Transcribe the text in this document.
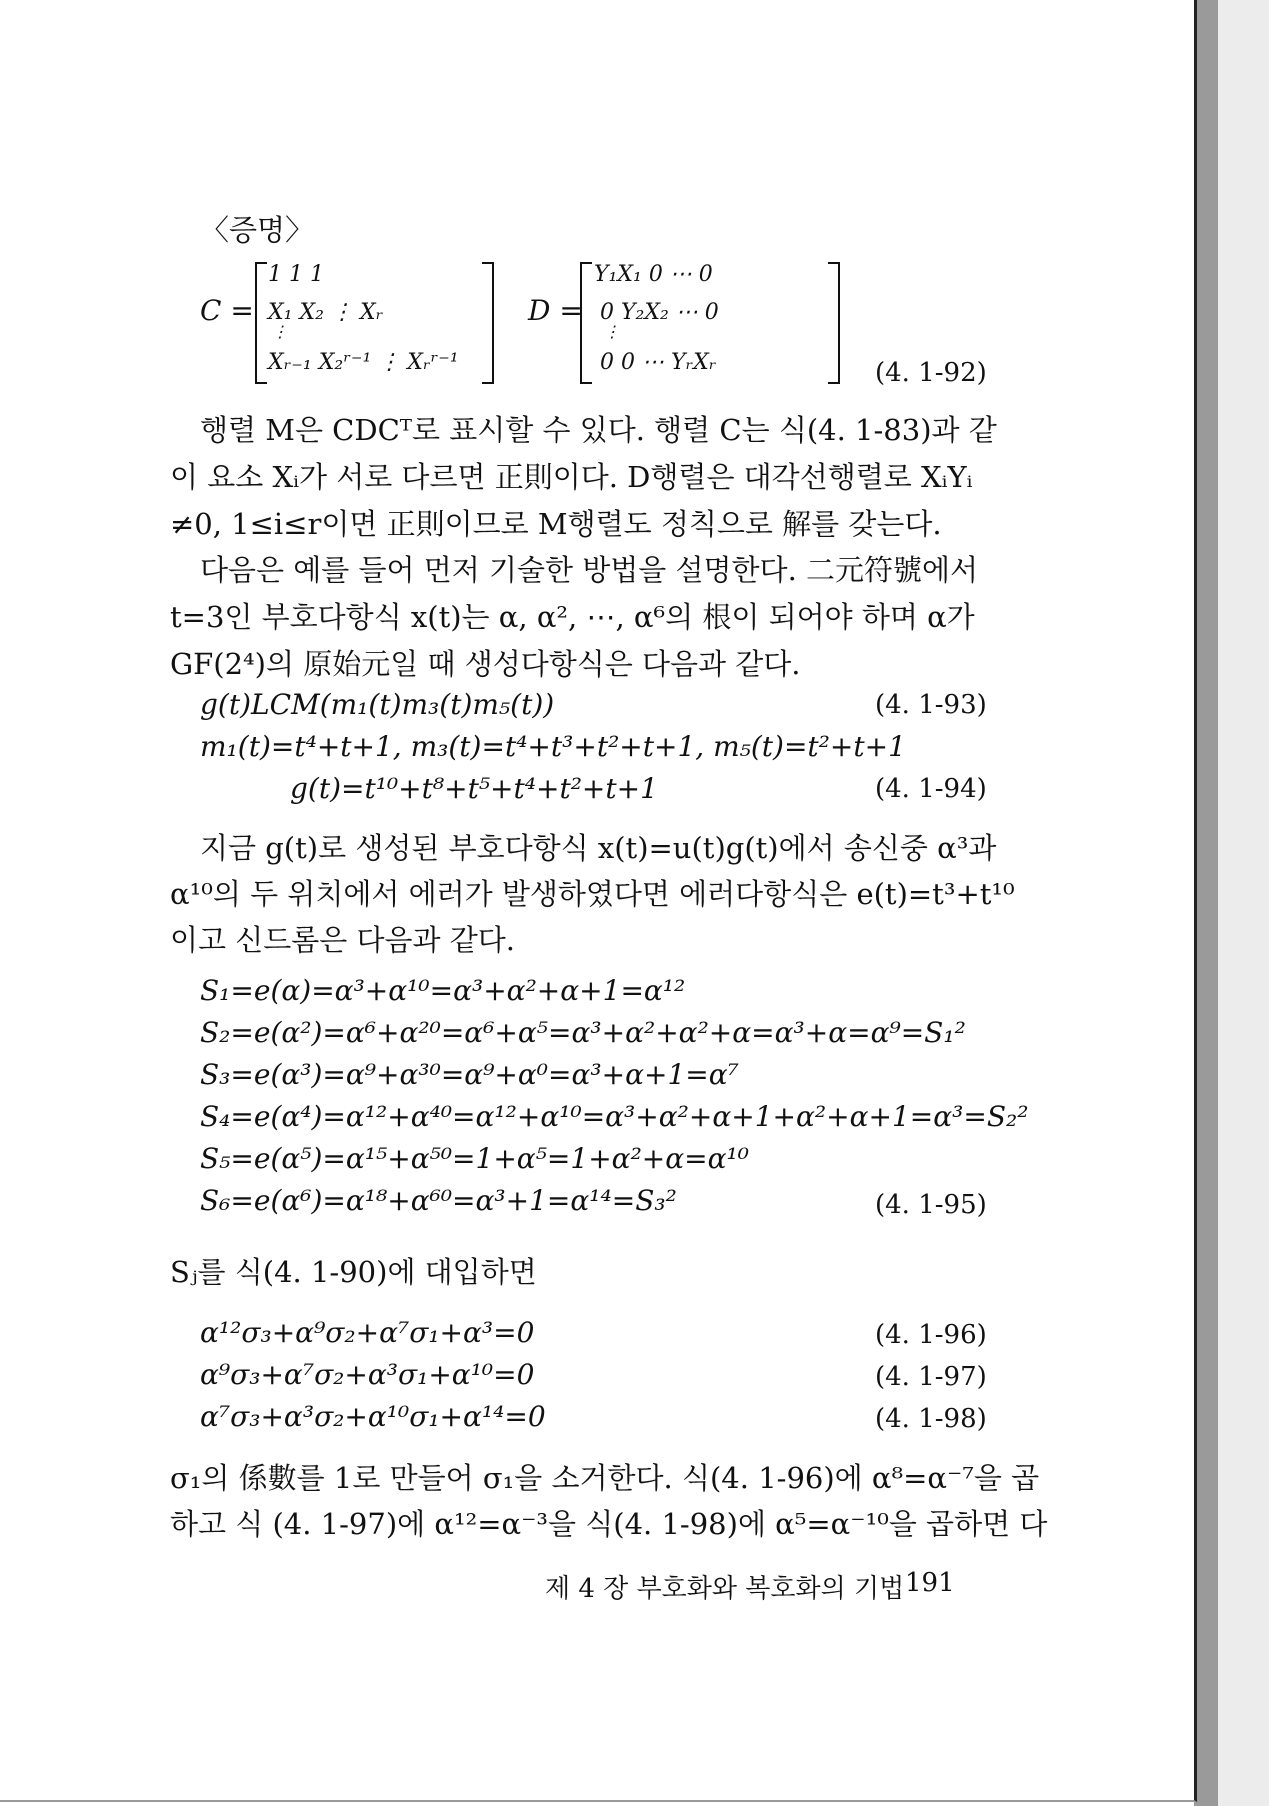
〈증명〉
C =
1 1 1
X₁ X₂ ⋮ Xᵣ
⋮
Xᵣ₋₁ X₂ʳ⁻¹ ⋮ Xᵣʳ⁻¹
D =
Y₁X₁ 0 ⋯ 0
0 Y₂X₂ ⋯ 0
⋮
0 0 ⋯ YᵣXᵣ	(4. 1-92)
행렬 M은 CDCᵀ로 표시할 수 있다. 행렬 C는 식(4. 1-83)과 같
이 요소 Xᵢ가 서로 다르면 正則이다. D행렬은 대각선행렬로 XᵢYᵢ
≠0, 1≤i≤r이면 正則이므로 M행렬도 정칙으로 解를 갖는다.
다음은 예를 들어 먼저 기술한 방법을 설명한다. 二元符號에서
t=3인 부호다항식 x(t)는 α, α², ⋯, α⁶의 根이 되어야 하며 α가
GF(2⁴)의 原始元일 때 생성다항식은 다음과 같다.
g(t)LCM(m₁(t)m₃(t)m₅(t))	(4. 1-93)
m₁(t)=t⁴+t+1, m₃(t)=t⁴+t³+t²+t+1, m₅(t)=t²+t+1
g(t)=t¹⁰+t⁸+t⁵+t⁴+t²+t+1	(4. 1-94)
지금 g(t)로 생성된 부호다항식 x(t)=u(t)g(t)에서 송신중 α³과
α¹⁰의 두 위치에서 에러가 발생하였다면 에러다항식은 e(t)=t³+t¹⁰
이고 신드롬은 다음과 같다.
S₁=e(α)=α³+α¹⁰=α³+α²+α+1=α¹²
S₂=e(α²)=α⁶+α²⁰=α⁶+α⁵=α³+α²+α²+α=α³+α=α⁹=S₁²
S₃=e(α³)=α⁹+α³⁰=α⁹+α⁰=α³+α+1=α⁷
S₄=e(α⁴)=α¹²+α⁴⁰=α¹²+α¹⁰=α³+α²+α+1+α²+α+1=α³=S₂²
S₅=e(α⁵)=α¹⁵+α⁵⁰=1+α⁵=1+α²+α=α¹⁰
S₆=e(α⁶)=α¹⁸+α⁶⁰=α³+1=α¹⁴=S₃²	(4. 1-95)
Sⱼ를 식(4. 1-90)에 대입하면
α¹²σ₃+α⁹σ₂+α⁷σ₁+α³=0	(4. 1-96)
α⁹σ₃+α⁷σ₂+α³σ₁+α¹⁰=0	(4. 1-97)
α⁷σ₃+α³σ₂+α¹⁰σ₁+α¹⁴=0	(4. 1-98)
σ₁의 係數를 1로 만들어 σ₁을 소거한다. 식(4. 1-96)에 α⁸=α⁻⁷을 곱
하고 식 (4. 1-97)에 α¹²=α⁻³을 식(4. 1-98)에 α⁵=α⁻¹⁰을 곱하면 다
제 4 장 부호화와 복호화의 기법 191
